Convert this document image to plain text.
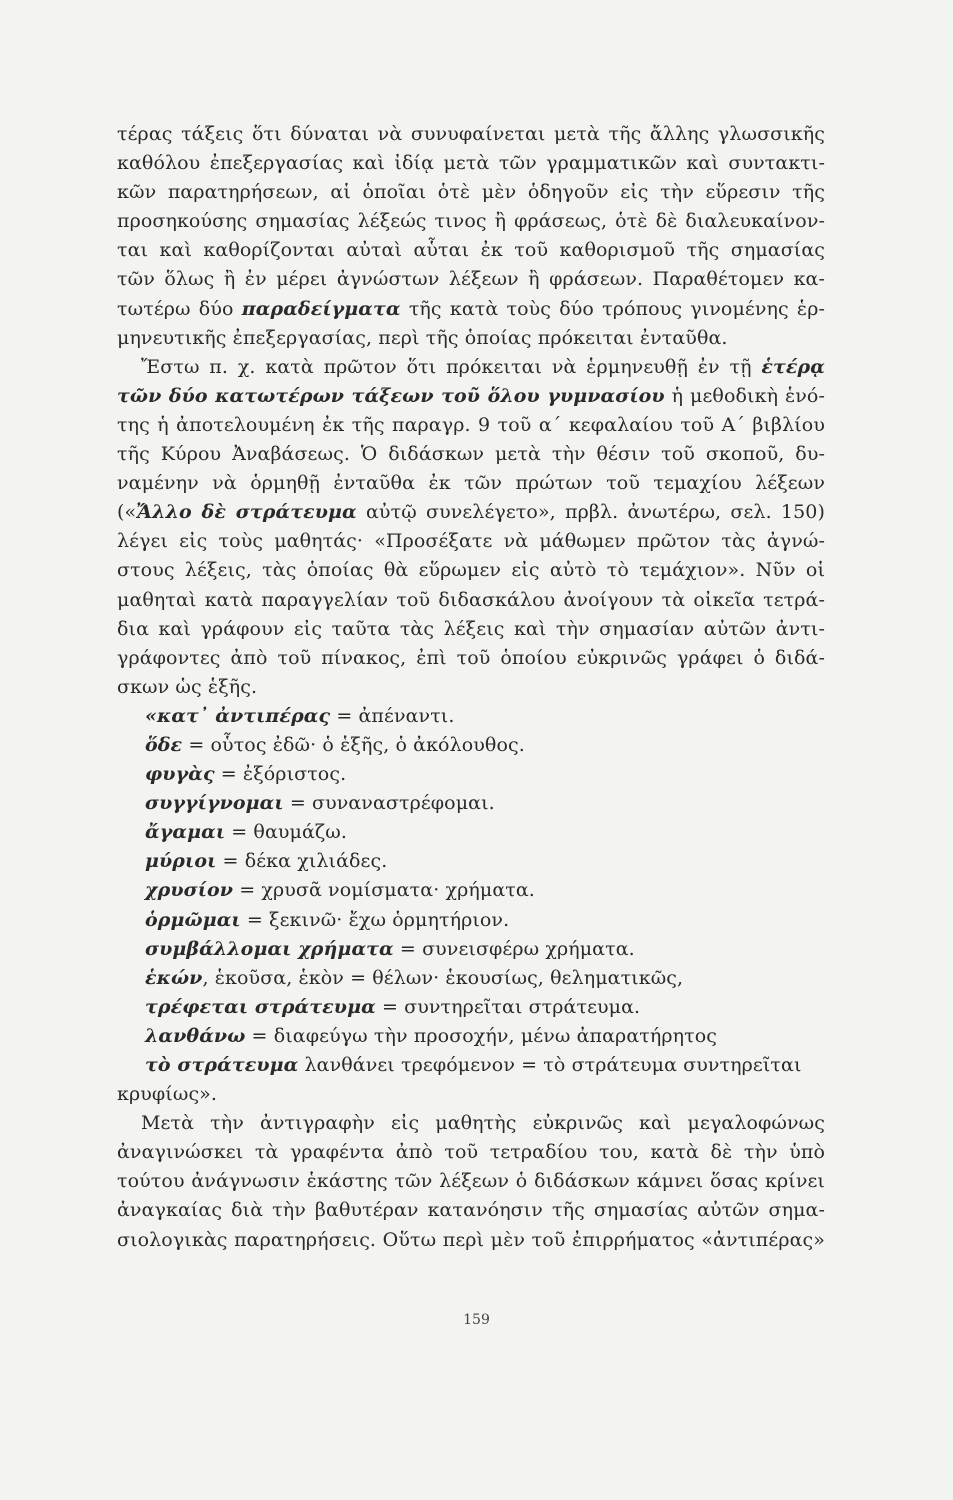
τέρας τάξεις ὅτι δύναται νὰ συνυφαίνεται μετὰ τῆς ἄλλης γλωσσικῆς
καθόλου ἐπεξεργασίας καὶ ἰδίᾳ μετὰ τῶν γραμματικῶν καὶ συντακτι-
κῶν παρατηρήσεων, αἱ ὁποῖαι ὁτὲ μὲν ὁδηγοῦν εἰς τὴν εὕρεσιν τῆς
προσηκούσης σημασίας λέξεώς τινος ἢ φράσεως, ὁτὲ δὲ διαλευκαίνον-
ται καὶ καθορίζονται αὐταὶ αὗται ἐκ τοῦ καθορισμοῦ τῆς σημασίας
τῶν ὅλως ἢ ἐν μέρει ἀγνώστων λέξεων ἢ φράσεων. Παραθέτομεν κα-
τωτέρω δύο παραδείγματα τῆς κατὰ τοὺς δύο τρόπους γινομένης ἑρ-
μηνευτικῆς ἐπεξεργασίας, περὶ τῆς ὁποίας πρόκειται ἐνταῦθα.
Ἔστω π. χ. κατὰ πρῶτον ὅτι πρόκειται νὰ ἑρμηνευθῇ ἐν τῇ ἑτέρᾳ
τῶν δύο κατωτέρων τάξεων τοῦ ὅλου γυμνασίου ἡ μεθοδικὴ ἑνό-
της ἡ ἀποτελουμένη ἐκ τῆς παραγρ. 9 τοῦ α΄ κεφαλαίου τοῦ Α΄ βιβλίου
τῆς Κύρου Ἀναβάσεως. Ὁ διδάσκων μετὰ τὴν θέσιν τοῦ σκοποῦ, δυ-
ναμένην νὰ ὁρμηθῇ ἐνταῦθα ἐκ τῶν πρώτων τοῦ τεμαχίου λέξεων
(«Ἄλλο δὲ στράτευμα αὐτῷ συνελέγετο», πρβλ. ἀνωτέρω, σελ. 150)
λέγει εἰς τοὺς μαθητάς· «Προσέξατε νὰ μάθωμεν πρῶτον τὰς ἀγνώ-
στους λέξεις, τὰς ὁποίας θὰ εὕρωμεν εἰς αὐτὸ τὸ τεμάχιον». Νῦν οἱ
μαθηταὶ κατὰ παραγγελίαν τοῦ διδασκάλου ἀνοίγουν τὰ οἰκεῖα τετρά-
δια καὶ γράφουν εἰς ταῦτα τὰς λέξεις καὶ τὴν σημασίαν αὐτῶν ἀντι-
γράφοντες ἀπὸ τοῦ πίνακος, ἐπὶ τοῦ ὁποίου εὐκρινῶς γράφει ὁ διδά-
σκων ὡς ἑξῆς.
«κατ᾽ ἀντιπέρας = ἀπέναντι.
ὅδε = οὗτος ἐδῶ· ὁ ἑξῆς, ὁ ἀκόλουθος.
φυγὰς = ἐξόριστος.
συγγίγνομαι = συναναστρέφομαι.
ἄγαμαι = θαυμάζω.
μύριοι = δέκα χιλιάδες.
χρυσίον = χρυσᾶ νομίσματα· χρήματα.
ὁρμῶμαι = ξεκινῶ· ἔχω ὁρμητήριον.
συμβάλλομαι χρήματα = συνεισφέρω χρήματα.
ἑκών, ἑκοῦσα, ἑκὸν = θέλων· ἑκουσίως, θεληματικῶς,
τρέφεται στράτευμα = συντηρεῖται στράτευμα.
λανθάνω = διαφεύγω τὴν προσοχήν, μένω ἀπαρατήρητος
τὸ στράτευμα λανθάνει τρεφόμενον = τὸ στράτευμα συντηρεῖται
κρυφίως».
Μετὰ τὴν ἀντιγραφὴν εἰς μαθητὴς εὐκρινῶς καὶ μεγαλοφώνως
ἀναγινώσκει τὰ γραφέντα ἀπὸ τοῦ τετραδίου του, κατὰ δὲ τὴν ὑπὸ
τούτου ἀνάγνωσιν ἑκάστης τῶν λέξεων ὁ διδάσκων κάμνει ὅσας κρίνει
ἀναγκαίας διὰ τὴν βαθυτέραν κατανόησιν τῆς σημασίας αὐτῶν σημα-
σιολογικὰς παρατηρήσεις. Οὕτω περὶ μὲν τοῦ ἐπιρρήματος «ἀντιπέρας»
159
